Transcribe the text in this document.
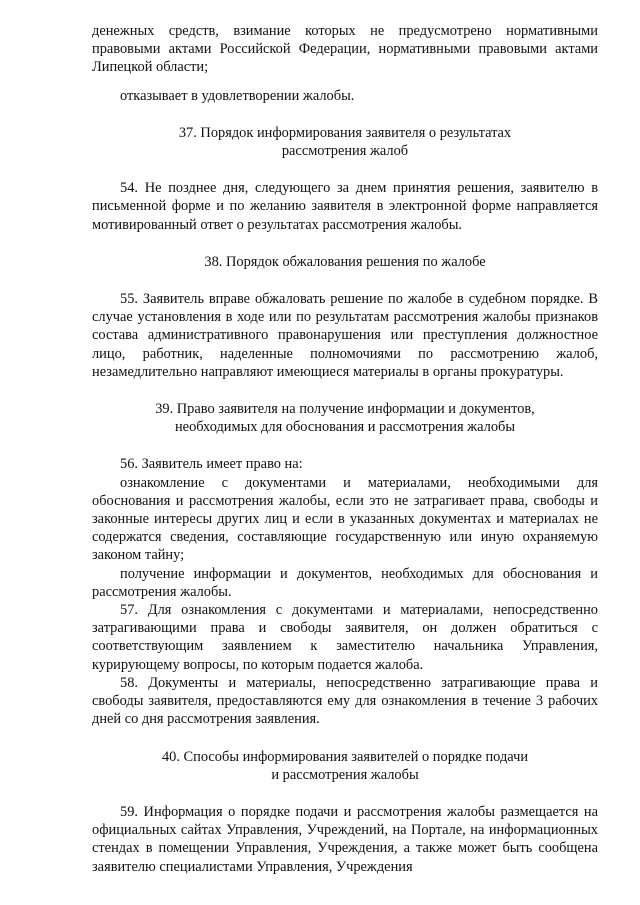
денежных средств, взимание которых не предусмотрено нормативными правовыми актами Российской Федерации, нормативными правовыми актами Липецкой области;

отказывает в удовлетворении жалобы.

37. Порядок информирования заявителя о результатах

рассмотрения жалоб

54. Не позднее дня, следующего за днем принятия решения, заявителю в письменной форме и по желанию заявителя в электронной форме направляется мотивированный ответ о результатах рассмотрения жалобы.

38. Порядок обжалования решения по жалобе

55. Заявитель вправе обжаловать решение по жалобе в судебном порядке. В случае установления в ходе или по результатам рассмотрения жалобы признаков состава административного правонарушения или преступления должностное лицо, работник, наделенные полномочиями по рассмотрению жалоб, незамедлительно направляют имеющиеся материалы в органы прокуратуры.

39. Право заявителя на получение информации и документов,

необходимых для обоснования и рассмотрения жалобы

56. Заявитель имеет право на:

ознакомление с документами и материалами, необходимыми для обоснования и рассмотрения жалобы, если это не затрагивает права, свободы и законные интересы других лиц и если в указанных документах и материалах не содержатся сведения, составляющие государственную или иную охраняемую законом тайну;

получение информации и документов, необходимых для обоснования и рассмотрения жалобы.

57. Для ознакомления с документами и материалами, непосредственно затрагивающими права и свободы заявителя, он должен обратиться с соответствующим заявлением к заместителю начальника Управления, курирующему вопросы, по которым подается жалоба.

58. Документы и материалы, непосредственно затрагивающие права и свободы заявителя, предоставляются ему для ознакомления в течение 3 рабочих дней со дня рассмотрения заявления.

40. Способы информирования заявителей о порядке подачи

и рассмотрения жалобы

59. Информация о порядке подачи и рассмотрения жалобы размещается на официальных сайтах Управления, Учреждений, на Портале, на информационных стендах в помещении Управления, Учреждения, а также может быть сообщена заявителю специалистами Управления, Учреждения
